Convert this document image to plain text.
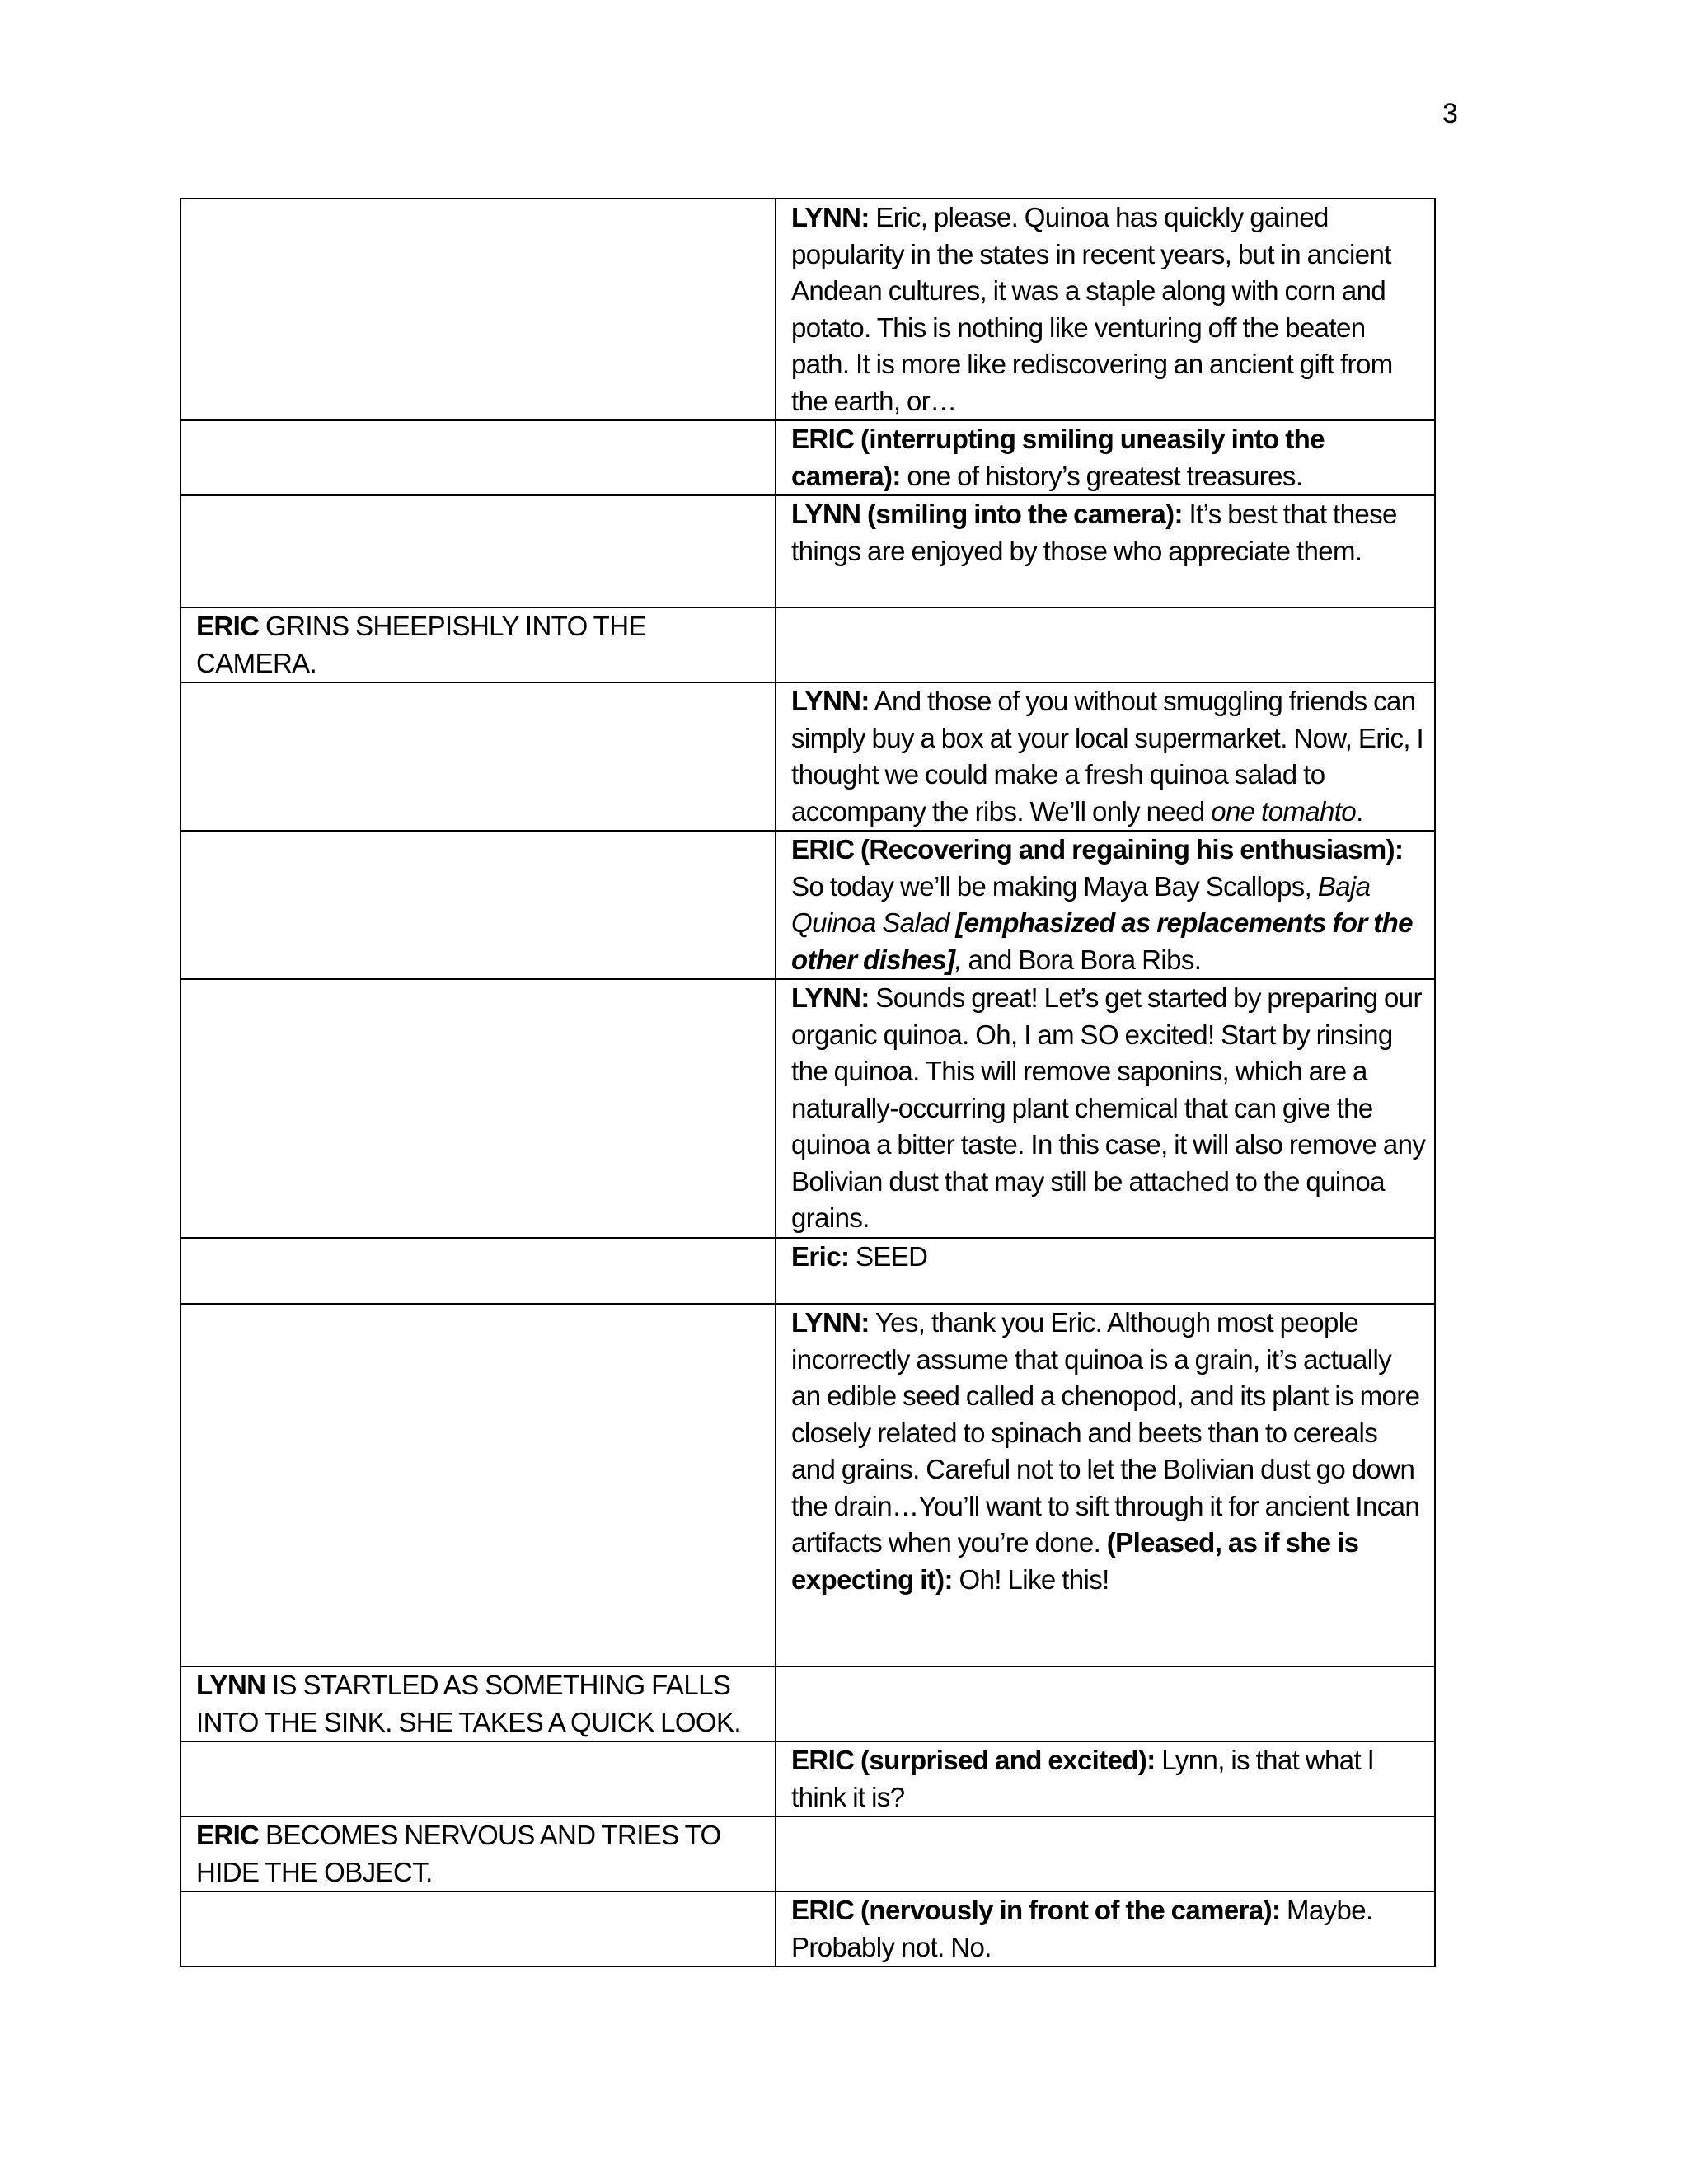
3
	LYNN: Eric, please. Quinoa has quickly gained popularity in the states in recent years, but in ancient Andean cultures, it was a staple along with corn and potato. This is nothing like venturing off the beaten path. It is more like rediscovering an ancient gift from the earth, or…
	ERIC (interrupting smiling uneasily into the camera): one of history’s greatest treasures.
	LYNN (smiling into the camera): It’s best that these things are enjoyed by those who appreciate them.
ERIC GRINS SHEEPISHLY INTO THE CAMERA.	
	LYNN: And those of you without smuggling friends can simply buy a box at your local supermarket. Now, Eric, I thought we could make a fresh quinoa salad to accompany the ribs. We’ll only need one tomahto.
	ERIC (Recovering and regaining his enthusiasm): So today we’ll be making Maya Bay Scallops, Baja Quinoa Salad [emphasized as replacements for the other dishes], and Bora Bora Ribs.
	LYNN: Sounds great! Let’s get started by preparing our organic quinoa. Oh, I am SO excited! Start by rinsing the quinoa. This will remove saponins, which are a naturally-occurring plant chemical that can give the quinoa a bitter taste. In this case, it will also remove any Bolivian dust that may still be attached to the quinoa grains.
	Eric: SEED
	LYNN: Yes, thank you Eric. Although most people incorrectly assume that quinoa is a grain, it’s actually an edible seed called a chenopod, and its plant is more closely related to spinach and beets than to cereals and grains. Careful not to let the Bolivian dust go down the drain…You’ll want to sift through it for ancient Incan artifacts when you’re done. (Pleased, as if she is expecting it): Oh! Like this!
LYNN IS STARTLED AS SOMETHING FALLS INTO THE SINK. SHE TAKES A QUICK LOOK.	
	ERIC (surprised and excited): Lynn, is that what I think it is?
ERIC BECOMES NERVOUS AND TRIES TO HIDE THE OBJECT.	
	ERIC (nervously in front of the camera): Maybe. Probably not. No.
